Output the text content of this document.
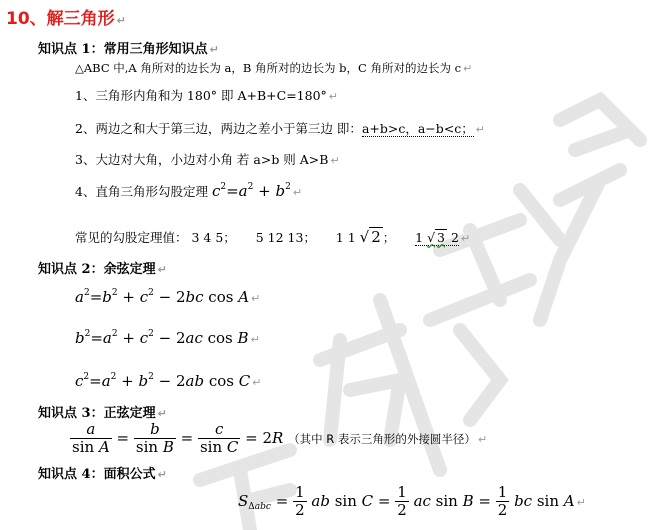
10、解三角形 ↵
知识点 1：常用三角形知识点 ↵
△ABC 中,A 角所对的边长为 a，B 角所对的边长为 b，C 角所对的边长为 c ↵
1、三角形内角和为 180° 即 A+B+C=180° ↵
2、两边之和大于第三边，两边之差小于第三边 即：a+b>c，a−b<c； ↵
3、大边对大角，小边对小角 若 a>b 则 A>B ↵
4、直角三角形勾股定理 $c^2=a^2 + b^2$ ↵
常见的勾股定理值： 3 4 5； 5 12 13； 1 1 √ 2 ；     1 √ 3 2 ↵
知识点 2：余弦定理 ↵
$a^2=b^2 + c^2 - 2bc$ cos A ↵
$b^2=a^2 + c^2 - 2ac$ cos B ↵
$c^2=a^2 + b^2 - 2ab$ cos C ↵
知识点 3：正弦定理 ↵
$\frac{a}{\text{sin A}} = \frac{b}{\text{sin B}} = \frac{c}{\text{sin C}} = 2R$ （其中 R 表示三角形的外接圆半径） ↵
知识点 4：面积公式 ↵
$S_{\Delta abc} = \frac{1}{2}$ ab $\sin C = \frac{1}{2}$ ac $\sin B = \frac{1}{2}$ bc sin A ↵
